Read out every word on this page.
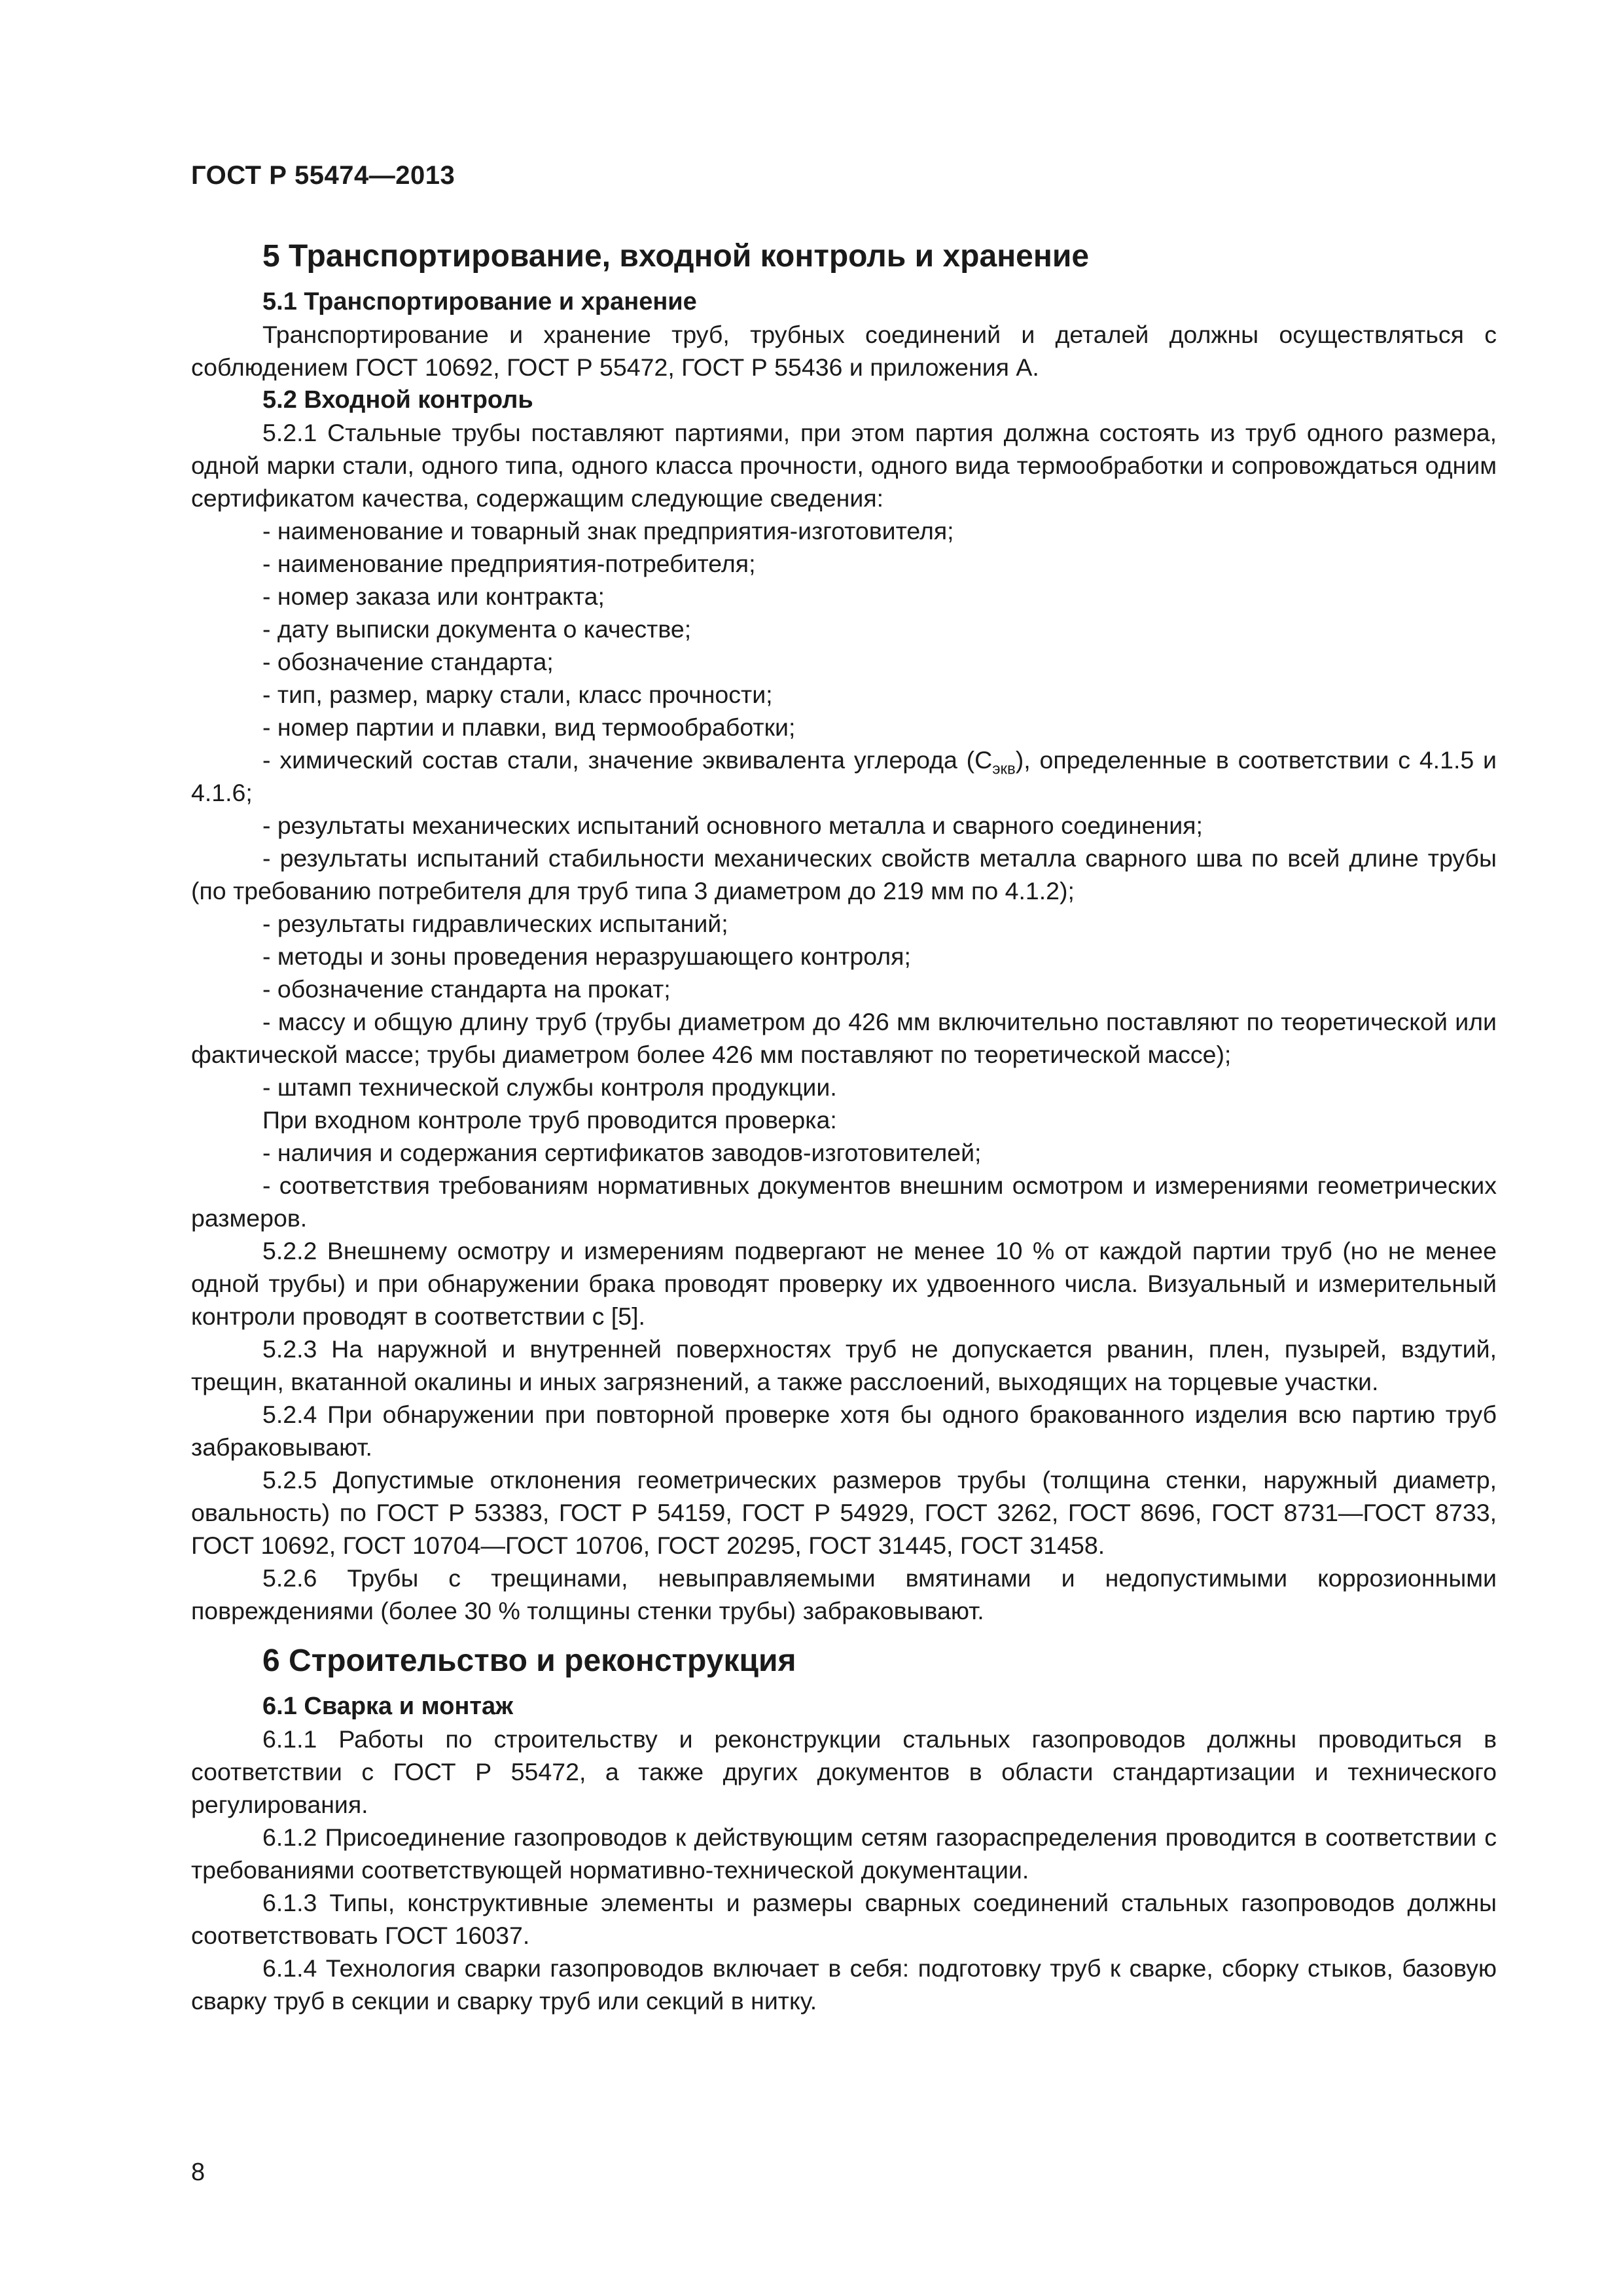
ГОСТ Р 55474—2013
5 Транспортирование, входной контроль и хранение
5.1 Транспортирование и хранение

Транспортирование и хранение труб, трубных соединений и деталей должны осуществляться с соблюдением ГОСТ 10692, ГОСТ Р 55472, ГОСТ Р 55436 и приложения А.

5.2 Входной контроль

5.2.1 Стальные трубы поставляют партиями, при этом партия должна состоять из труб одного размера, одной марки стали, одного типа, одного класса прочности, одного вида термообработки и сопровождаться одним сертификатом качества, содержащим следующие сведения:

- наименование и товарный знак предприятия-изготовителя;

- наименование предприятия-потребителя;

- номер заказа или контракта;

- дату выписки документа о качестве;

- обозначение стандарта;

- тип, размер, марку стали, класс прочности;

- номер партии и плавки, вид термообработки;

- химический состав стали, значение эквивалента углерода $(С_{экв})$, определенные в соответствии с 4.1.5 и 4.1.6;

- результаты механических испытаний основного металла и сварного соединения;

- результаты испытаний стабильности механических свойств металла сварного шва по всей длине трубы (по требованию потребителя для труб типа 3 диаметром до 219 мм по 4.1.2);

- результаты гидравлических испытаний;

- методы и зоны проведения неразрушающего контроля;

- обозначение стандарта на прокат;

- массу и общую длину труб (трубы диаметром до 426 мм включительно поставляют по теоретической или фактической массе; трубы диаметром более 426 мм поставляют по теоретической массе);

- штамп технической службы контроля продукции.

При входном контроле труб проводится проверка:

- наличия и содержания сертификатов заводов-изготовителей;

- соответствия требованиям нормативных документов внешним осмотром и измерениями геометрических размеров.

5.2.2 Внешнему осмотру и измерениям подвергают не менее 10 % от каждой партии труб (но не менее одной трубы) и при обнаружении брака проводят проверку их удвоенного числа. Визуальный и измерительный контроли проводят в соответствии с [5].

5.2.3 На наружной и внутренней поверхностях труб не допускается рванин, плен, пузырей, вздутий, трещин, вкатанной окалины и иных загрязнений, а также расслоений, выходящих на торцевые участки.

5.2.4 При обнаружении при повторной проверке хотя бы одного бракованного изделия всю партию труб забраковывают.

5.2.5 Допустимые отклонения геометрических размеров трубы (толщина стенки, наружный диаметр, овальность) по ГОСТ Р 53383, ГОСТ Р 54159, ГОСТ Р 54929, ГОСТ 3262, ГОСТ 8696, ГОСТ 8731—ГОСТ 8733, ГОСТ 10692, ГОСТ 10704—ГОСТ 10706, ГОСТ 20295, ГОСТ 31445, ГОСТ 31458.

5.2.6 Трубы с трещинами, невыправляемыми вмятинами и недопустимыми коррозионными повреждениями (более 30 % толщины стенки трубы) забраковывают.

6 Строительство и реконструкция
6.1 Сварка и монтаж

6.1.1 Работы по строительству и реконструкции стальных газопроводов должны проводиться в соответствии с ГОСТ Р 55472, а также других документов в области стандартизации и технического регулирования.

6.1.2 Присоединение газопроводов к действующим сетям газораспределения проводится в соответствии с требованиями соответствующей нормативно-технической документации.

6.1.3 Типы, конструктивные элементы и размеры сварных соединений стальных газопроводов должны соответствовать ГОСТ 16037.

6.1.4 Технология сварки газопроводов включает в себя: подготовку труб к сварке, сборку стыков, базовую сварку труб в секции и сварку труб или секций в нитку.

8
